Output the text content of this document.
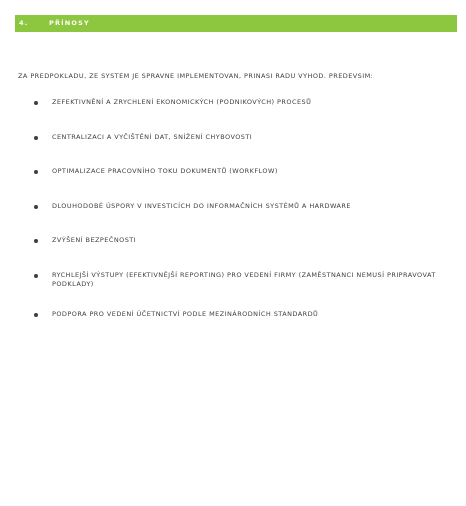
4.	PŘÍNOSY

ZA PREDPOKLADU, ZE SYSTEM JE SPRAVNE IMPLEMENTOVAN, PRINASI RADU VYHOD. PREDEVSIM:

ZEFEKTIVNĚNÍ A ZRYCHLENÍ EKONOMICKÝCH (PODNIKOVÝCH) PROCESŮ
CENTRALIZACI A VYČIŠTĚNÍ DAT, SNÍŽENÍ CHYBOVOSTI
OPTIMALIZACE PRACOVNÍHO TOKU DOKUMENTŮ (WORKFLOW)
DLOUHODOBÉ ÚSPORY V INVESTICÍCH DO INFORMAČNÍCH SYSTÉMŮ A HARDWARE
ZVÝŠENÍ BEZPEČNOSTI
RYCHLEJŠÍ VÝSTUPY (EFEKTIVNĚJŠÍ REPORTING) PRO VEDENÍ FIRMY (ZAMĚSTNANCI NEMUSÍ PRIPRAVOVAT PODKLADY)
PODPORA PRO VEDENÍ ÚČETNICTVÍ PODLE MEZINÁRODNÍCH STANDARDŮ
